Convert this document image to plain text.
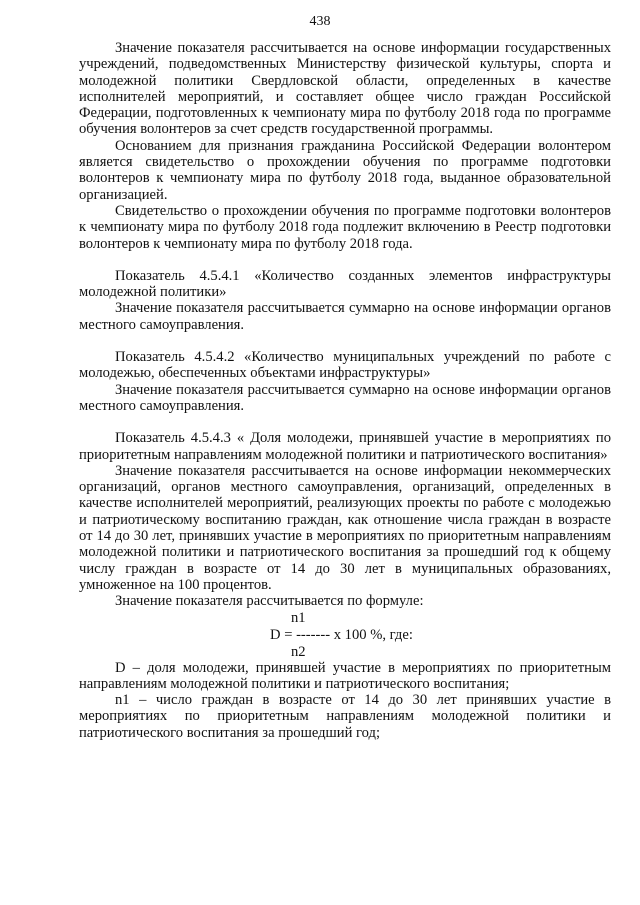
438

Значение показателя рассчитывается на основе информации государственных учреждений, подведомственных Министерству физической культуры, спорта и молодежной политики Свердловской области, определенных в качестве исполнителей мероприятий, и составляет общее число граждан Российской Федерации, подготовленных к чемпионату мира по футболу 2018 года по программе обучения волонтеров за счет средств государственной программы.

Основанием для признания гражданина Российской Федерации волонтером является свидетельство о прохождении обучения по программе подготовки волонтеров к чемпионату мира по футболу 2018 года, выданное образовательной организацией.

Свидетельство о прохождении обучения по программе подготовки волонтеров к чемпионату мира по футболу 2018 года подлежит включению в Реестр подготовки волонтеров к чемпионату мира по футболу 2018 года.

Показатель 4.5.4.1 «Количество созданных элементов инфраструктуры молодежной политики»

Значение показателя рассчитывается суммарно на основе информации органов местного самоуправления.

Показатель 4.5.4.2 «Количество муниципальных учреждений по работе с молодежью, обеспеченных объектами инфраструктуры»

Значение показателя рассчитывается суммарно на основе информации органов местного самоуправления.

Показатель 4.5.4.3 « Доля молодежи, принявшей участие в мероприятиях по приоритетным направлениям молодежной политики и патриотического воспитания»

Значение показателя рассчитывается на основе информации некоммерческих организаций, органов местного самоуправления, организаций, определенных в качестве исполнителей мероприятий, реализующих проекты по работе с молодежью и патриотическому воспитанию граждан, как отношение числа граждан в возрасте от 14 до 30 лет, принявших участие в мероприятиях по приоритетным направлениям молодежной политики и патриотического воспитания за прошедший год к общему числу граждан в возрасте от 14 до 30 лет в муниципальных образованиях, умноженное на 100 процентов.

Значение показателя рассчитывается по формуле:

n1
D = ------- x 100 %, где:
n2

D – доля молодежи, принявшей участие в мероприятиях по приоритетным направлениям молодежной политики и патриотического воспитания;

n1 – число граждан в возрасте от 14 до 30 лет принявших участие в мероприятиях по приоритетным направлениям молодежной политики и патриотического воспитания за прошедший год;
